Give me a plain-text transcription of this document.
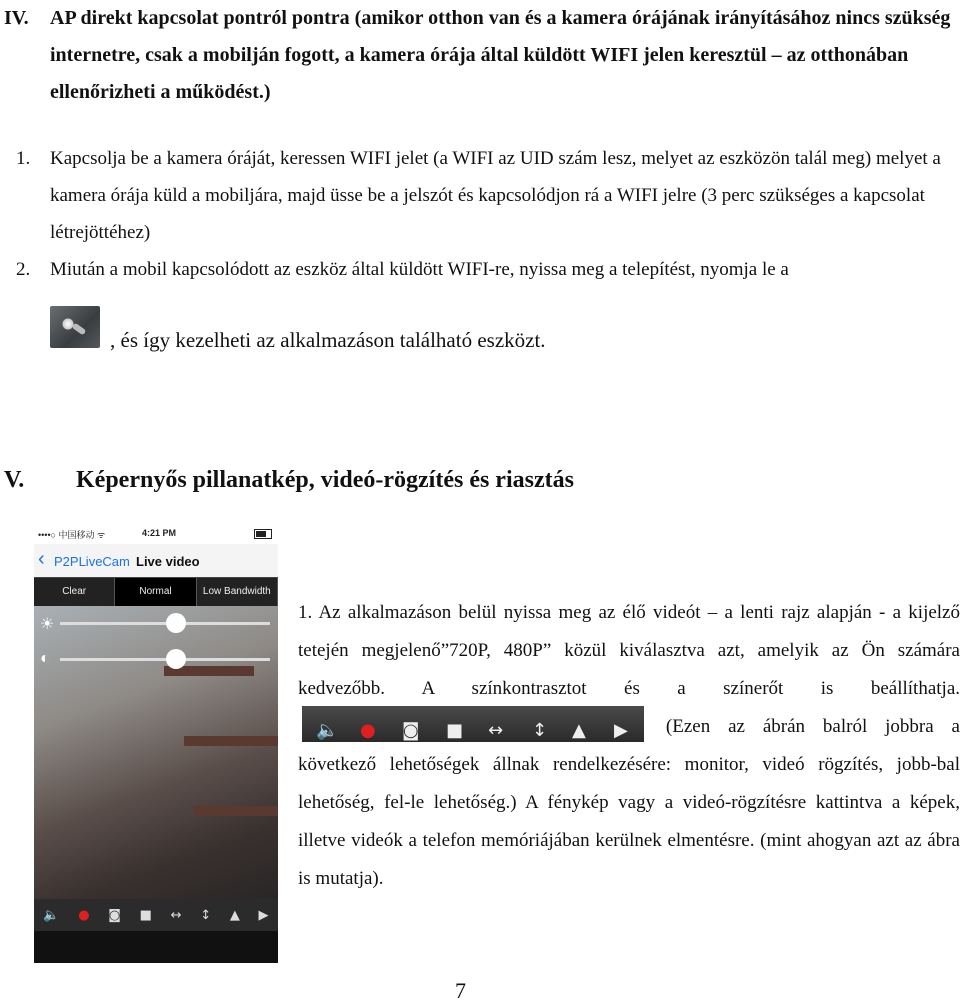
IV.	AP direkt kapcsolat pontról pontra (amikor otthon van és a kamera órájának irányításához nincs szükség internetre, csak a mobilján fogott, a kamera órája által küldött WIFI jelen keresztül – az otthonában ellenőrizheti a működést.)
1. Kapcsolja be a kamera óráját, keressen WIFI jelet (a WIFI az UID szám lesz, melyet az eszközön talál meg) melyet a kamera órája küld a mobiljára, majd üsse be a jelszót és kapcsolódjon rá a WIFI jelre (3 perc szükséges a kapcsolat létrejöttéhez)
2. Miután a mobil kapcsolódott az eszköz által küldött WIFI-re, nyissa meg a telepítést, nyomja le a
, és így kezelheti az alkalmazáson található eszközt.
V. Képernyős pillanatkép, videó-rögzítés és riasztás
••••○ 中国移动 ᯤ	4:21 PM
‹ P2PLiveCam Live video
Clear	Normal	Low Bandwidth
☀
◐
🔈 ● ◙ ■ ↔ ↕ ▲ ▶
1. Az alkalmazáson belül nyissa meg az élő videót – a lenti rajz alapján - a kijelző tetején megjelenő”720P, 480P” közül kiválasztva azt, amelyik az Ön számára kedvezőbb. A színkontrasztot és a színerőt is beállíthatja.
🔈 ● ◙ ■ ↔ ↕ ▲ ▶ (Ezen az ábrán balról jobbra a következő lehetőségek állnak rendelkezésére: monitor, videó rögzítés, jobb-bal lehetőség, fel-le lehetőség.) A fénykép vagy a videó-rögzítésre kattintva a képek, illetve videók a telefon memóriájában kerülnek elmentésre. (mint ahogyan azt az ábra is mutatja).
7
